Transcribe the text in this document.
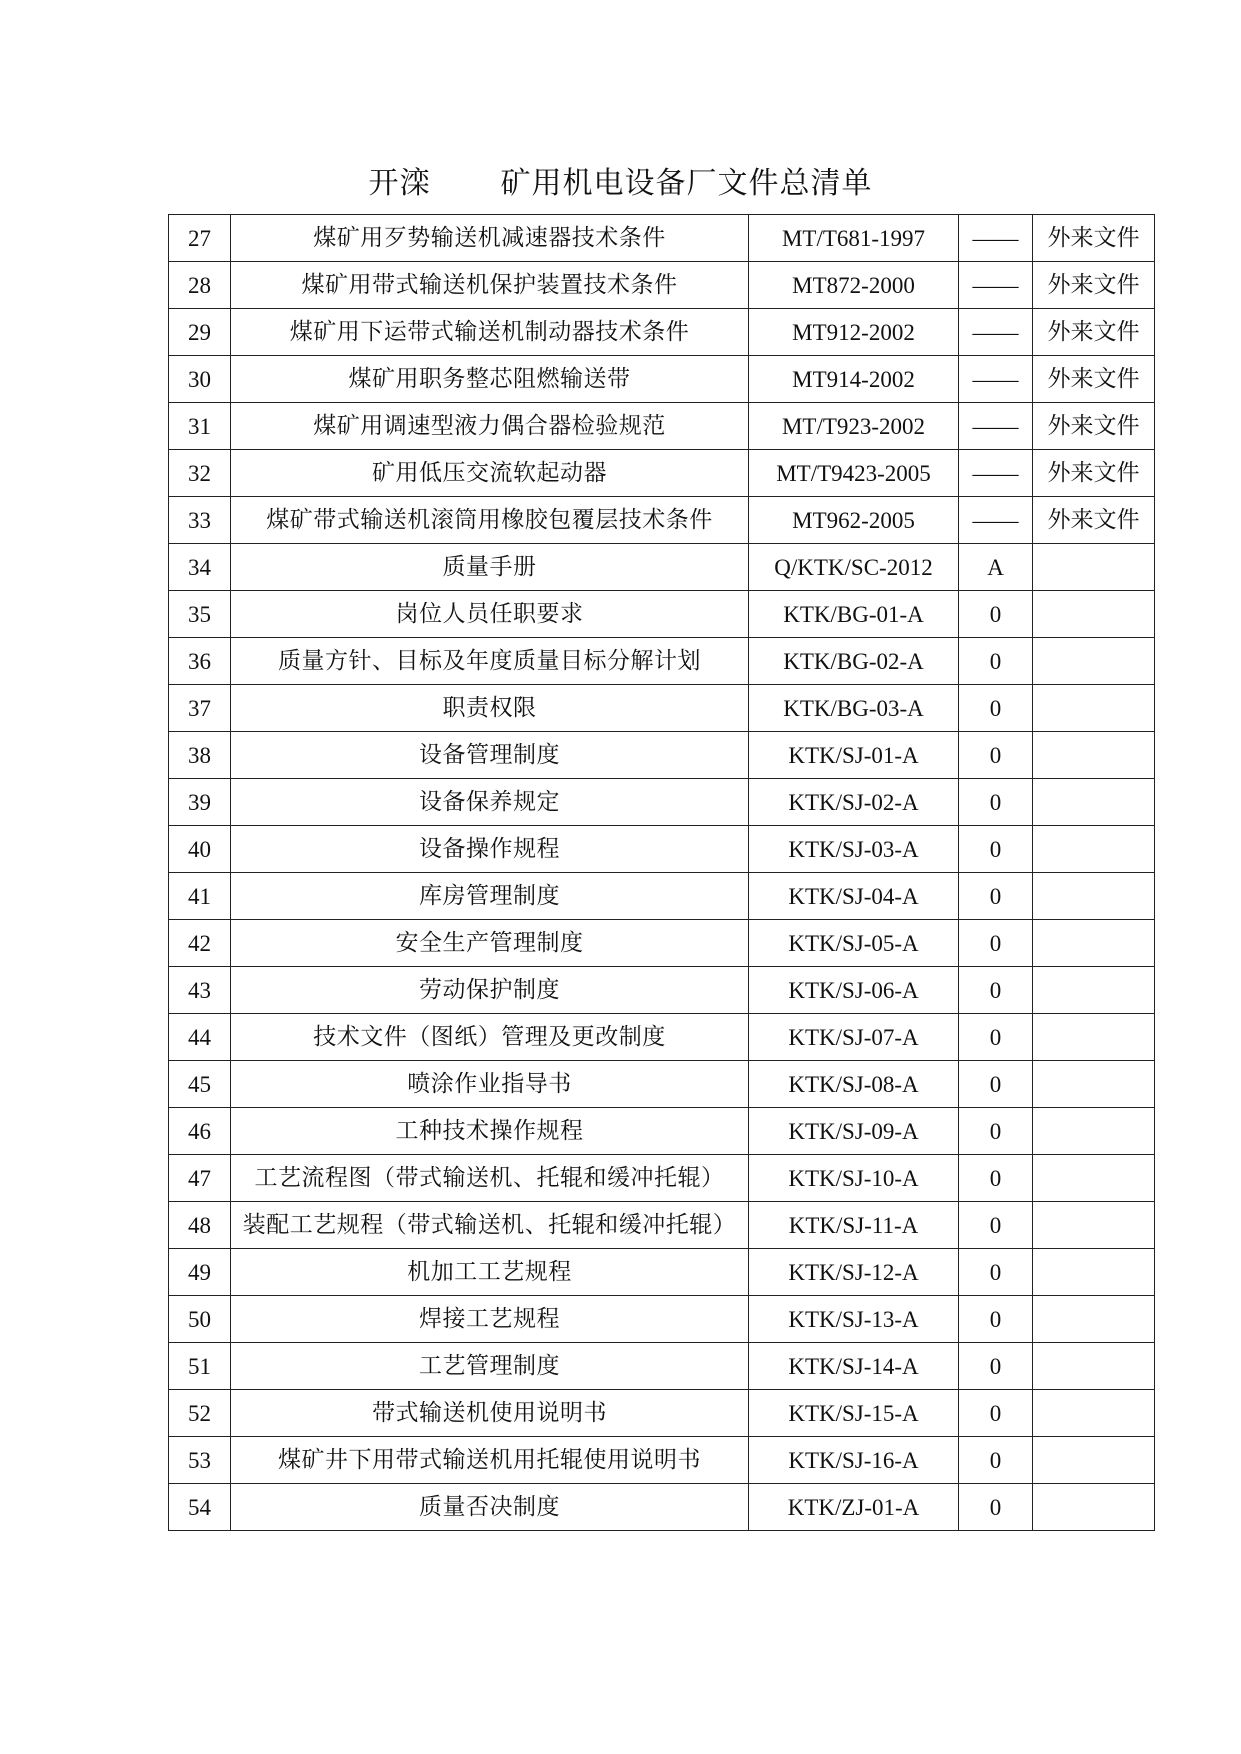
开滦 矿用机电设备厂文件总清单
27	煤矿用歹势输送机减速器技术条件	MT/T681-1997	——	外来文件
28	煤矿用带式输送机保护装置技术条件	MT872-2000	——	外来文件
29	煤矿用下运带式输送机制动器技术条件	MT912-2002	——	外来文件
30	煤矿用职务整芯阻燃输送带	MT914-2002	——	外来文件
31	煤矿用调速型液力偶合器检验规范	MT/T923-2002	——	外来文件
32	矿用低压交流软起动器	MT/T9423-2005	——	外来文件
33	煤矿带式输送机滚筒用橡胶包覆层技术条件	MT962-2005	——	外来文件
34	质量手册	Q/KTK/SC-2012	A	
35	岗位人员任职要求	KTK/BG-01-A	0	
36	质量方针、目标及年度质量目标分解计划	KTK/BG-02-A	0	
37	职责权限	KTK/BG-03-A	0	
38	设备管理制度	KTK/SJ-01-A	0	
39	设备保养规定	KTK/SJ-02-A	0	
40	设备操作规程	KTK/SJ-03-A	0	
41	库房管理制度	KTK/SJ-04-A	0	
42	安全生产管理制度	KTK/SJ-05-A	0	
43	劳动保护制度	KTK/SJ-06-A	0	
44	技术文件（图纸）管理及更改制度	KTK/SJ-07-A	0	
45	喷涂作业指导书	KTK/SJ-08-A	0	
46	工种技术操作规程	KTK/SJ-09-A	0	
47	工艺流程图（带式输送机、托辊和缓冲托辊）	KTK/SJ-10-A	0	
48	装配工艺规程（带式输送机、托辊和缓冲托辊）	KTK/SJ-11-A	0	
49	机加工工艺规程	KTK/SJ-12-A	0	
50	焊接工艺规程	KTK/SJ-13-A	0	
51	工艺管理制度	KTK/SJ-14-A	0	
52	带式输送机使用说明书	KTK/SJ-15-A	0	
53	煤矿井下用带式输送机用托辊使用说明书	KTK/SJ-16-A	0	
54	质量否决制度	KTK/ZJ-01-A	0	
